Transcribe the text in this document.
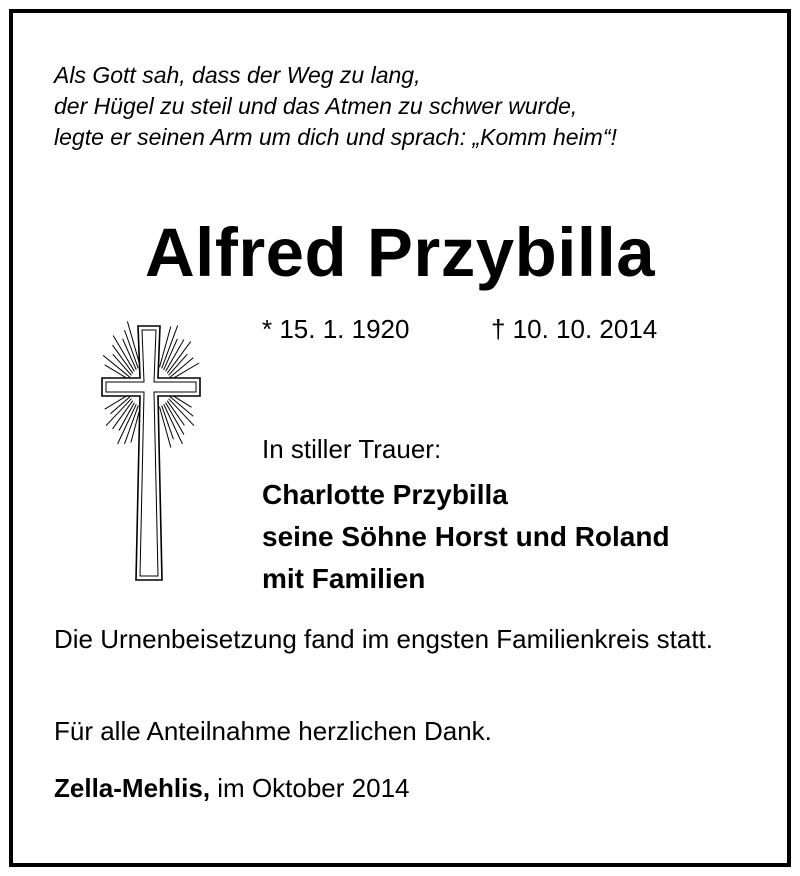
Als Gott sah, dass der Weg zu lang,
der Hügel zu steil und das Atmen zu schwer wurde,
legte er seinen Arm um dich und sprach: „Komm heim“!
Alfred Przybilla
* 15. 1. 1920	† 10. 10. 2014
In stiller Trauer:
Charlotte Przybilla
seine Söhne Horst und Roland
mit Familien
Die Urnenbeisetzung fand im engsten Familienkreis statt.
Für alle Anteilnahme herzlichen Dank.
Zella-Mehlis, im Oktober 2014
